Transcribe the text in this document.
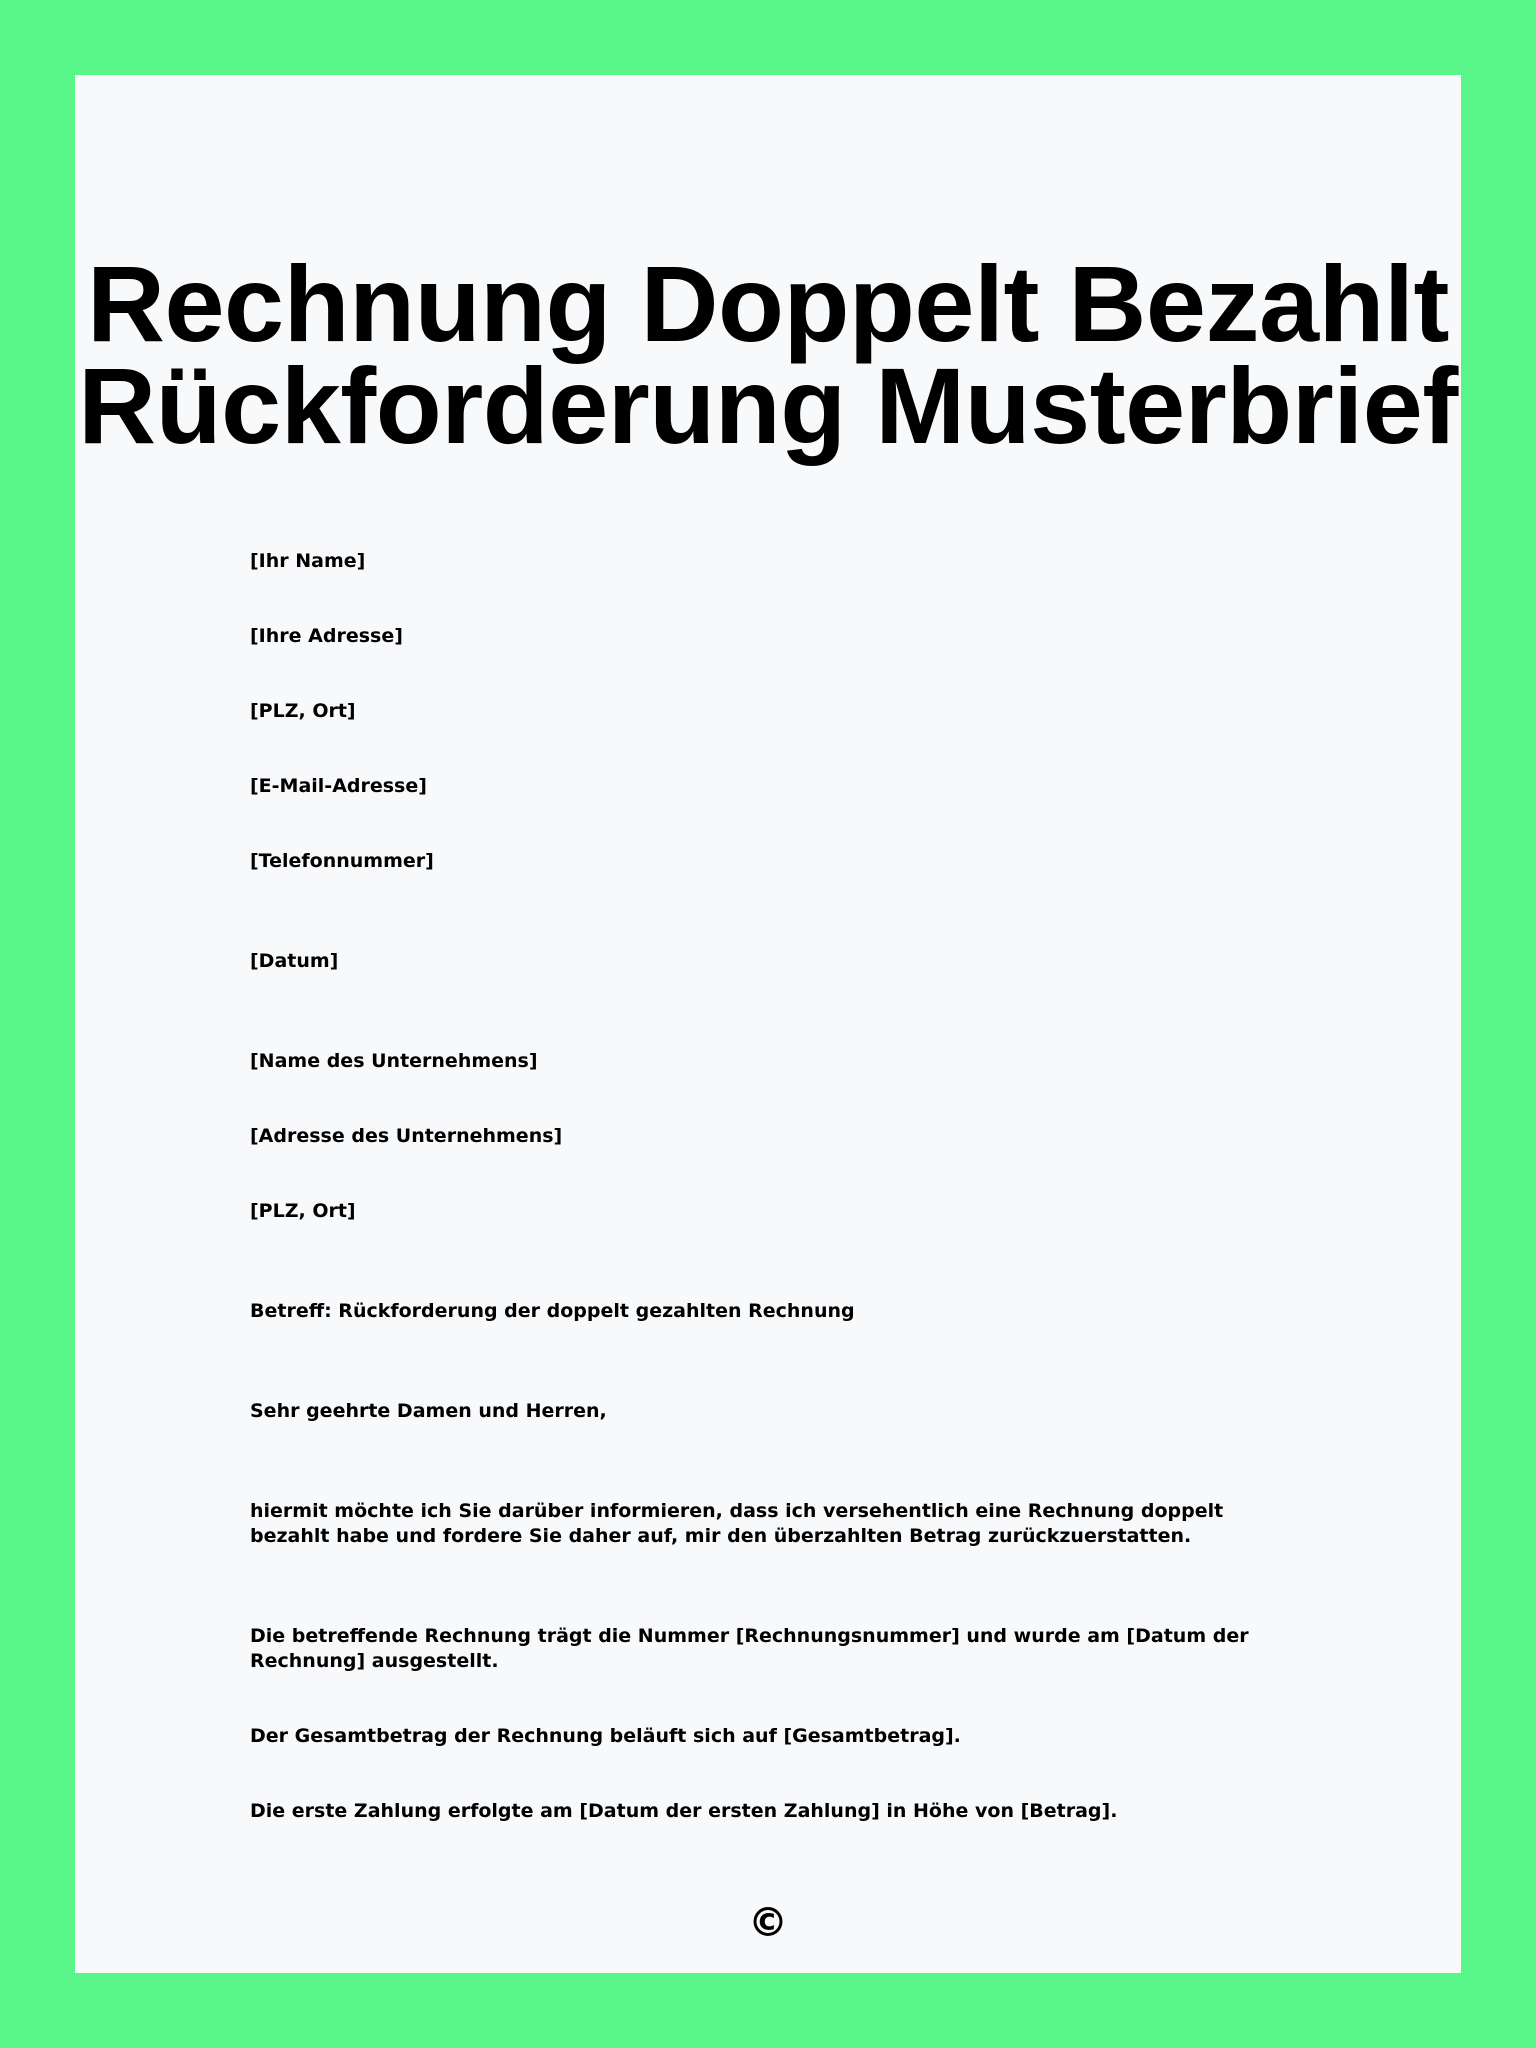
Rechnung Doppelt Bezahlt
Rückforderung Musterbrief

[Ihr Name]

[Ihre Adresse]

[PLZ, Ort]

[E-Mail-Adresse]

[Telefonnummer]

[Datum]

[Name des Unternehmens]

[Adresse des Unternehmens]

[PLZ, Ort]

Betreff: Rückforderung der doppelt gezahlten Rechnung

Sehr geehrte Damen und Herren,

hiermit möchte ich Sie darüber informieren, dass ich versehentlich eine Rechnung doppelt bezahlt habe und fordere Sie daher auf, mir den überzahlten Betrag zurückzuerstatten.

Die betreffende Rechnung trägt die Nummer [Rechnungsnummer] und wurde am [Datum der Rechnung] ausgestellt.

Der Gesamtbetrag der Rechnung beläuft sich auf [Gesamtbetrag].

Die erste Zahlung erfolgte am [Datum der ersten Zahlung] in Höhe von [Betrag].

©
